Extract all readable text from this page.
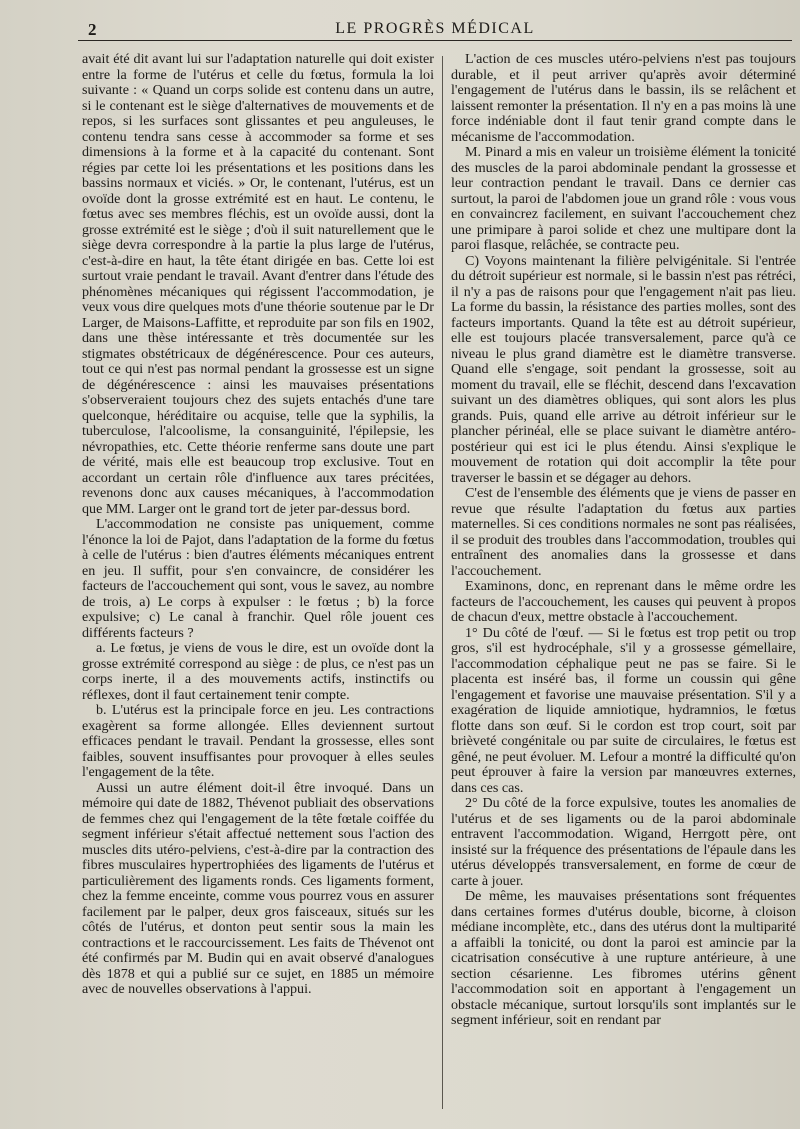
2	LE PROGRÈS MÉDICAL

avait été dit avant lui sur l'adaptation naturelle qui doit exister entre la forme de l'utérus et celle du fœtus, formula la loi suivante : « Quand un corps solide est contenu dans un autre, si le contenant est le siège d'alternatives de mouvements et de repos, si les surfaces sont glissantes et peu anguleuses, le contenu tendra sans cesse à accommoder sa forme et ses dimensions à la forme et à la capacité du contenant. Sont régies par cette loi les présentations et les positions dans les bassins normaux et viciés. » Or, le contenant, l'utérus, est un ovoïde dont la grosse extrémité est en haut. Le contenu, le fœtus avec ses membres fléchis, est un ovoïde aussi, dont la grosse extrémité est le siège ; d'où il suit naturellement que le siège devra correspondre à la partie la plus large de l'utérus, c'est-à-dire en haut, la tête étant dirigée en bas. Cette loi est surtout vraie pendant le travail. Avant d'entrer dans l'étude des phénomènes mécaniques qui régissent l'accommodation, je veux vous dire quelques mots d'une théorie soutenue par le Dr Larger, de Maisons-Laffitte, et reproduite par son fils en 1902, dans une thèse intéressante et très documentée sur les stigmates obstétricaux de dégénérescence. Pour ces auteurs, tout ce qui n'est pas normal pendant la grossesse est un signe de dégénérescence : ainsi les mauvaises présentations s'observeraient toujours chez des sujets entachés d'une tare quelconque, héréditaire ou acquise, telle que la syphilis, la tuberculose, l'alcoolisme, la consanguinité, l'épilepsie, les névropathies, etc. Cette théorie renferme sans doute une part de vérité, mais elle est beaucoup trop exclusive. Tout en accordant un certain rôle d'influence aux tares précitées, revenons donc aux causes mécaniques, à l'accommodation que MM. Larger ont le grand tort de jeter par-dessus bord.

L'accommodation ne consiste pas uniquement, comme l'énonce la loi de Pajot, dans l'adaptation de la forme du fœtus à celle de l'utérus : bien d'autres éléments mécaniques entrent en jeu. Il suffit, pour s'en convaincre, de considérer les facteurs de l'accouchement qui sont, vous le savez, au nombre de trois, a) Le corps à expulser : le fœtus ; b) la force expulsive; c) Le canal à franchir. Quel rôle jouent ces différents facteurs ?

a. Le fœtus, je viens de vous le dire, est un ovoïde dont la grosse extrémité correspond au siège : de plus, ce n'est pas un corps inerte, il a des mouvements actifs, instinctifs ou réflexes, dont il faut certainement tenir compte.

b. L'utérus est la principale force en jeu. Les contractions exagèrent sa forme allongée. Elles deviennent surtout efficaces pendant le travail. Pendant la grossesse, elles sont faibles, souvent insuffisantes pour provoquer à elles seules l'engagement de la tête.

Aussi un autre élément doit-il être invoqué. Dans un mémoire qui date de 1882, Thévenot publiait des observations de femmes chez qui l'engagement de la tête fœtale coiffée du segment inférieur s'était affectué nettement sous l'action des muscles dits utéro-pelviens, c'est-à-dire par la contraction des fibres musculaires hypertrophiées des ligaments de l'utérus et particulièrement des ligaments ronds. Ces ligaments forment, chez la femme enceinte, comme vous pourrez vous en assurer facilement par le palper, deux gros faisceaux, situés sur les côtés de l'utérus, et donton peut sentir sous la main les contractions et le raccourcissement. Les faits de Thévenot ont été confirmés par M. Budin qui en avait observé d'analogues dès 1878 et qui a publié sur ce sujet, en 1885 un mémoire avec de nouvelles observations à l'appui.

L'action de ces muscles utéro-pelviens n'est pas toujours durable, et il peut arriver qu'après avoir déterminé l'engagement de l'utérus dans le bassin, ils se relâchent et laissent remonter la présentation. Il n'y en a pas moins là une force indéniable dont il faut tenir grand compte dans le mécanisme de l'accommodation.

M. Pinard a mis en valeur un troisième élément la tonicité des muscles de la paroi abdominale pendant la grossesse et leur contraction pendant le travail. Dans ce dernier cas surtout, la paroi de l'abdomen joue un grand rôle : vous vous en convaincrez facilement, en suivant l'accouchement chez une primipare à paroi solide et chez une multipare dont la paroi flasque, relâchée, se contracte peu.

C) Voyons maintenant la filière pelvigénitale. Si l'entrée du détroit supérieur est normale, si le bassin n'est pas rétréci, il n'y a pas de raisons pour que l'engagement n'ait pas lieu. La forme du bassin, la résistance des parties molles, sont des facteurs importants. Quand la tête est au détroit supérieur, elle est toujours placée transversalement, parce qu'à ce niveau le plus grand diamètre est le diamètre transverse. Quand elle s'engage, soit pendant la grossesse, soit au moment du travail, elle se fléchit, descend dans l'excavation suivant un des diamètres obliques, qui sont alors les plus grands. Puis, quand elle arrive au détroit inférieur sur le plancher périnéal, elle se place suivant le diamètre antéro-postérieur qui est ici le plus étendu. Ainsi s'explique le mouvement de rotation qui doit accomplir la tête pour traverser le bassin et se dégager au dehors.

C'est de l'ensemble des éléments que je viens de passer en revue que résulte l'adaptation du fœtus aux parties maternelles. Si ces conditions normales ne sont pas réalisées, il se produit des troubles dans l'accommodation, troubles qui entraînent des anomalies dans la grossesse et dans l'accouchement.

Examinons, donc, en reprenant dans le même ordre les facteurs de l'accouchement, les causes qui peuvent à propos de chacun d'eux, mettre obstacle à l'accouchement.

1° Du côté de l'œuf. — Si le fœtus est trop petit ou trop gros, s'il est hydrocéphale, s'il y a grossesse gémellaire, l'accommodation céphalique peut ne pas se faire. Si le placenta est inséré bas, il forme un coussin qui gêne l'engagement et favorise une mauvaise présentation. S'il y a exagération de liquide amniotique, hydramnios, le fœtus flotte dans son œuf. Si le cordon est trop court, soit par brièveté congénitale ou par suite de circulaires, le fœtus est gêné, ne peut évoluer. M. Lefour a montré la difficulté qu'on peut éprouver à faire la version par manœuvres externes, dans ces cas.

2° Du côté de la force expulsive, toutes les anomalies de l'utérus et de ses ligaments ou de la paroi abdominale entravent l'accommodation. Wigand, Herrgott père, ont insisté sur la fréquence des présentations de l'épaule dans les utérus développés transversalement, en forme de cœur de carte à jouer.

De même, les mauvaises présentations sont fréquentes dans certaines formes d'utérus double, bicorne, à cloison médiane incomplète, etc., dans des utérus dont la multiparité a affaibli la tonicité, ou dont la paroi est amincie par la cicatrisation consécutive à une rupture antérieure, à une section césarienne. Les fibromes utérins gênent l'accommodation soit en apportant à l'engagement un obstacle mécanique, surtout lorsqu'ils sont implantés sur le segment inférieur, soit en rendant par
